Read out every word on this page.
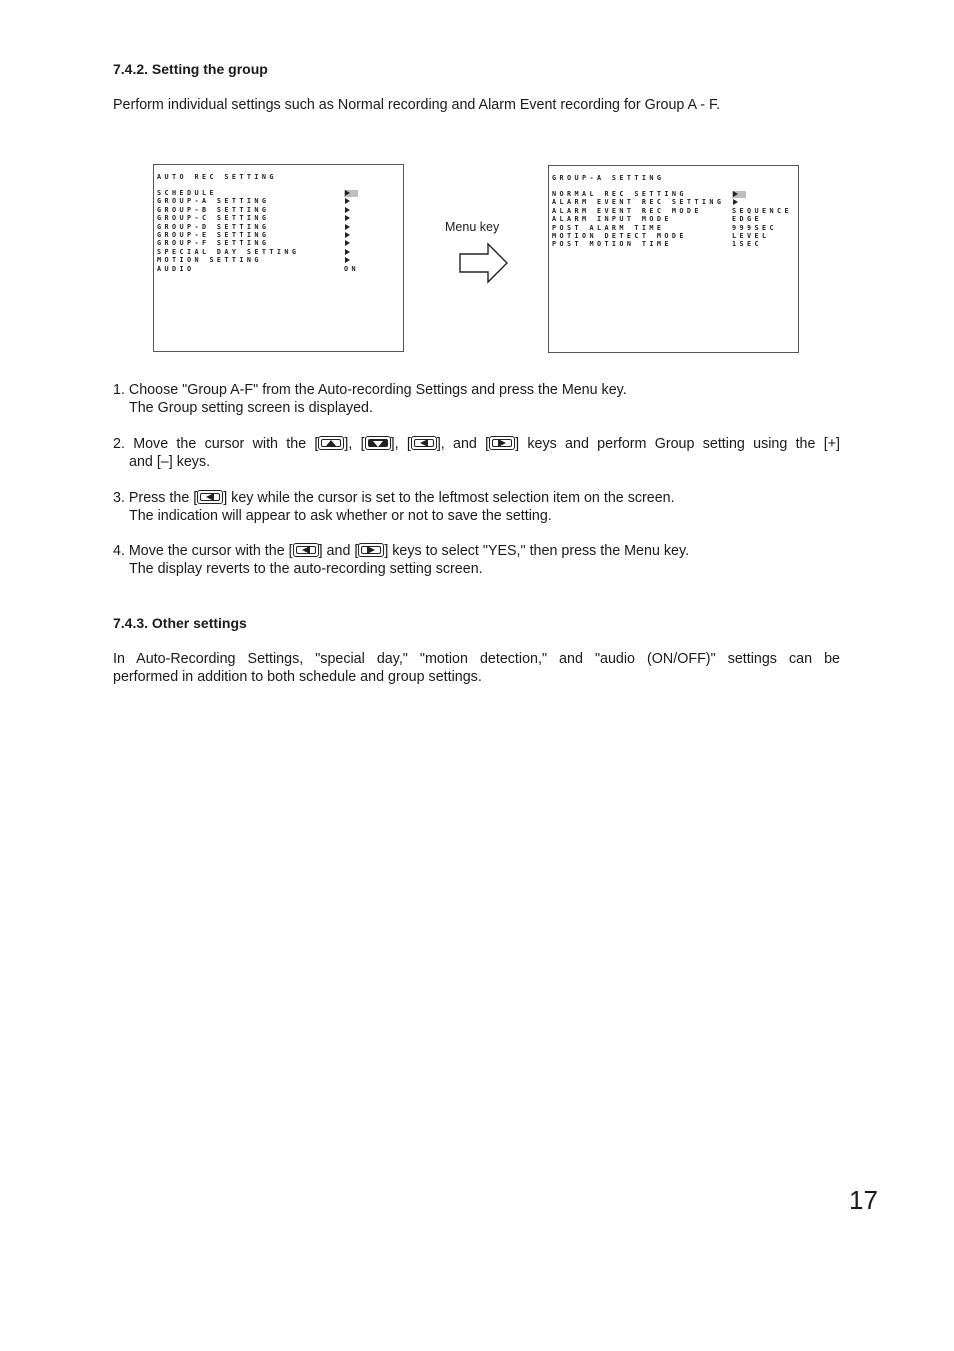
7.4.2. Setting the group
Perform individual settings such as Normal recording and Alarm Event recording for Group A - F.
AUTO REC SETTING
SCHEDULE
GROUP-A SETTING
GROUP-B SETTING
GROUP-C SETTING
GROUP-D SETTING
GROUP-E SETTING
GROUP-F SETTING
SPECIAL DAY SETTING
MOTION SETTING
AUDIO	ON
Menu key
GROUP-A SETTING
NORMAL REC SETTING
ALARM EVENT REC SETTING
ALARM EVENT REC MODE	SEQUENCE
ALARM INPUT MODE	EDGE
POST ALARM TIME	999SEC
MOTION DETECT MODE	LEVEL
POST MOTION TIME	1SEC
1. Choose "Group A-F" from the Auto-recording Settings and press the Menu key.
The Group setting screen is displayed.
2. Move the cursor with the [ ], [ ], [ ], and [ ] keys and perform Group setting using the [+]
and [–] keys.
3. Press the [ ] key while the cursor is set to the leftmost selection item on the screen.
The indication will appear to ask whether or not to save the setting.
4. Move the cursor with the [ ] and [ ] keys to select "YES," then press the Menu key.
The display reverts to the auto-recording setting screen.
7.4.3. Other settings
In Auto-Recording Settings, "special day," "motion detection," and "audio (ON/OFF)" settings can be
performed in addition to both schedule and group settings.
17
